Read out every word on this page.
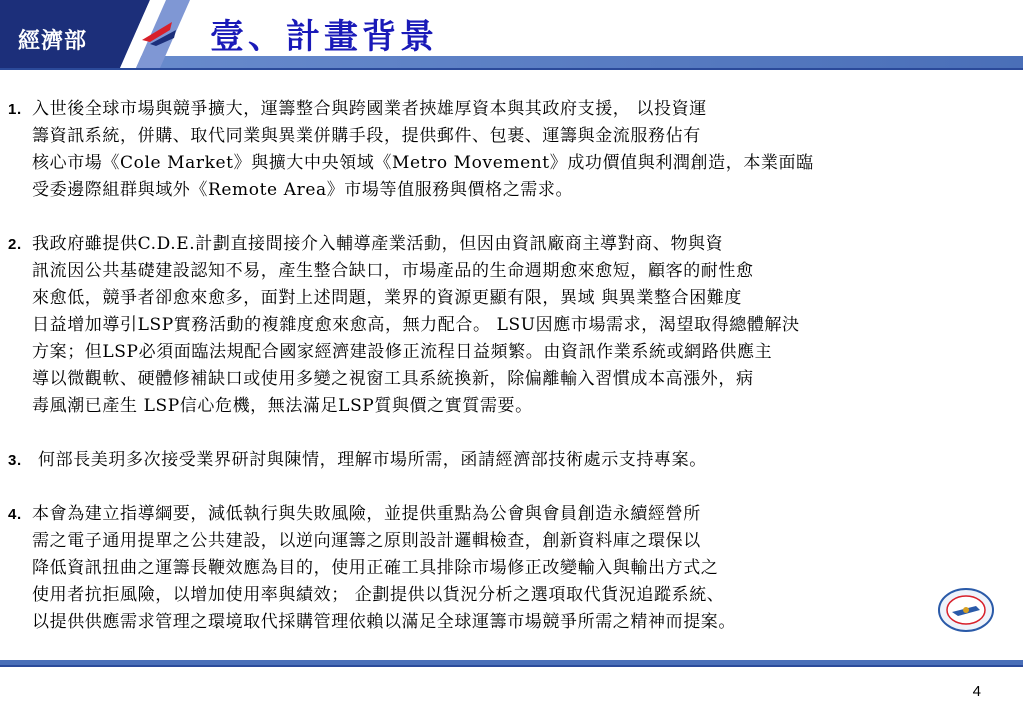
經濟部	壹、計畫背景
1. 入世後全球市場與競爭擴大，運籌整合與跨國業者挾雄厚資本與其政府支援， 以投資運
籌資訊系統，併購、取代同業與異業併購手段，提供郵件、包裹、運籌與金流服務佔有
核心市場《Cole Market》與擴大中央領域《Metro Movement》成功價值與利潤創造，本業面臨
受委邊際組群與域外《Remote Area》市場等值服務與價格之需求。
2. 我政府雖提供C.D.E.計劃直接間接介入輔導產業活動，但因由資訊廠商主導對商、物與資
訊流因公共基礎建設認知不易，產生整合缺口，市場產品的生命週期愈來愈短，顧客的耐性愈
來愈低，競爭者卻愈來愈多，面對上述問題，業界的資源更顯有限，異域 與異業整合困難度
日益增加導引LSP實務活動的複雜度愈來愈高，無力配合。 LSU因應市場需求，渴望取得總體解決
方案；但LSP必須面臨法規配合國家經濟建設修正流程日益頻繁。由資訊作業系統或網路供應主
導以微觀軟、硬體修補缺口或使用多變之視窗工具系統換新，除偏離輸入習慣成本高漲外，病
毒風潮已產生 LSP信心危機，無法滿足LSP質與價之實質需要。
3. 何部長美玥多次接受業界研討與陳情，理解市場所需，函請經濟部技術處示支持專案。
4. 本會為建立指導綱要，減低執行與失敗風險，並提供重點為公會與會員創造永續經營所
需之電子通用提單之公共建設，以逆向運籌之原則設計邏輯檢查，創新資料庫之環保以
降低資訊扭曲之運籌長鞭效應為目的，使用正確工具排除市場修正改變輸入與輸出方式之
使用者抗拒風險，以增加使用率與績效； 企劃提供以貨況分析之選項取代貨況追蹤系統、
以提供供應需求管理之環境取代採購管理依賴以滿足全球運籌市場競爭所需之精神而提案。
4
